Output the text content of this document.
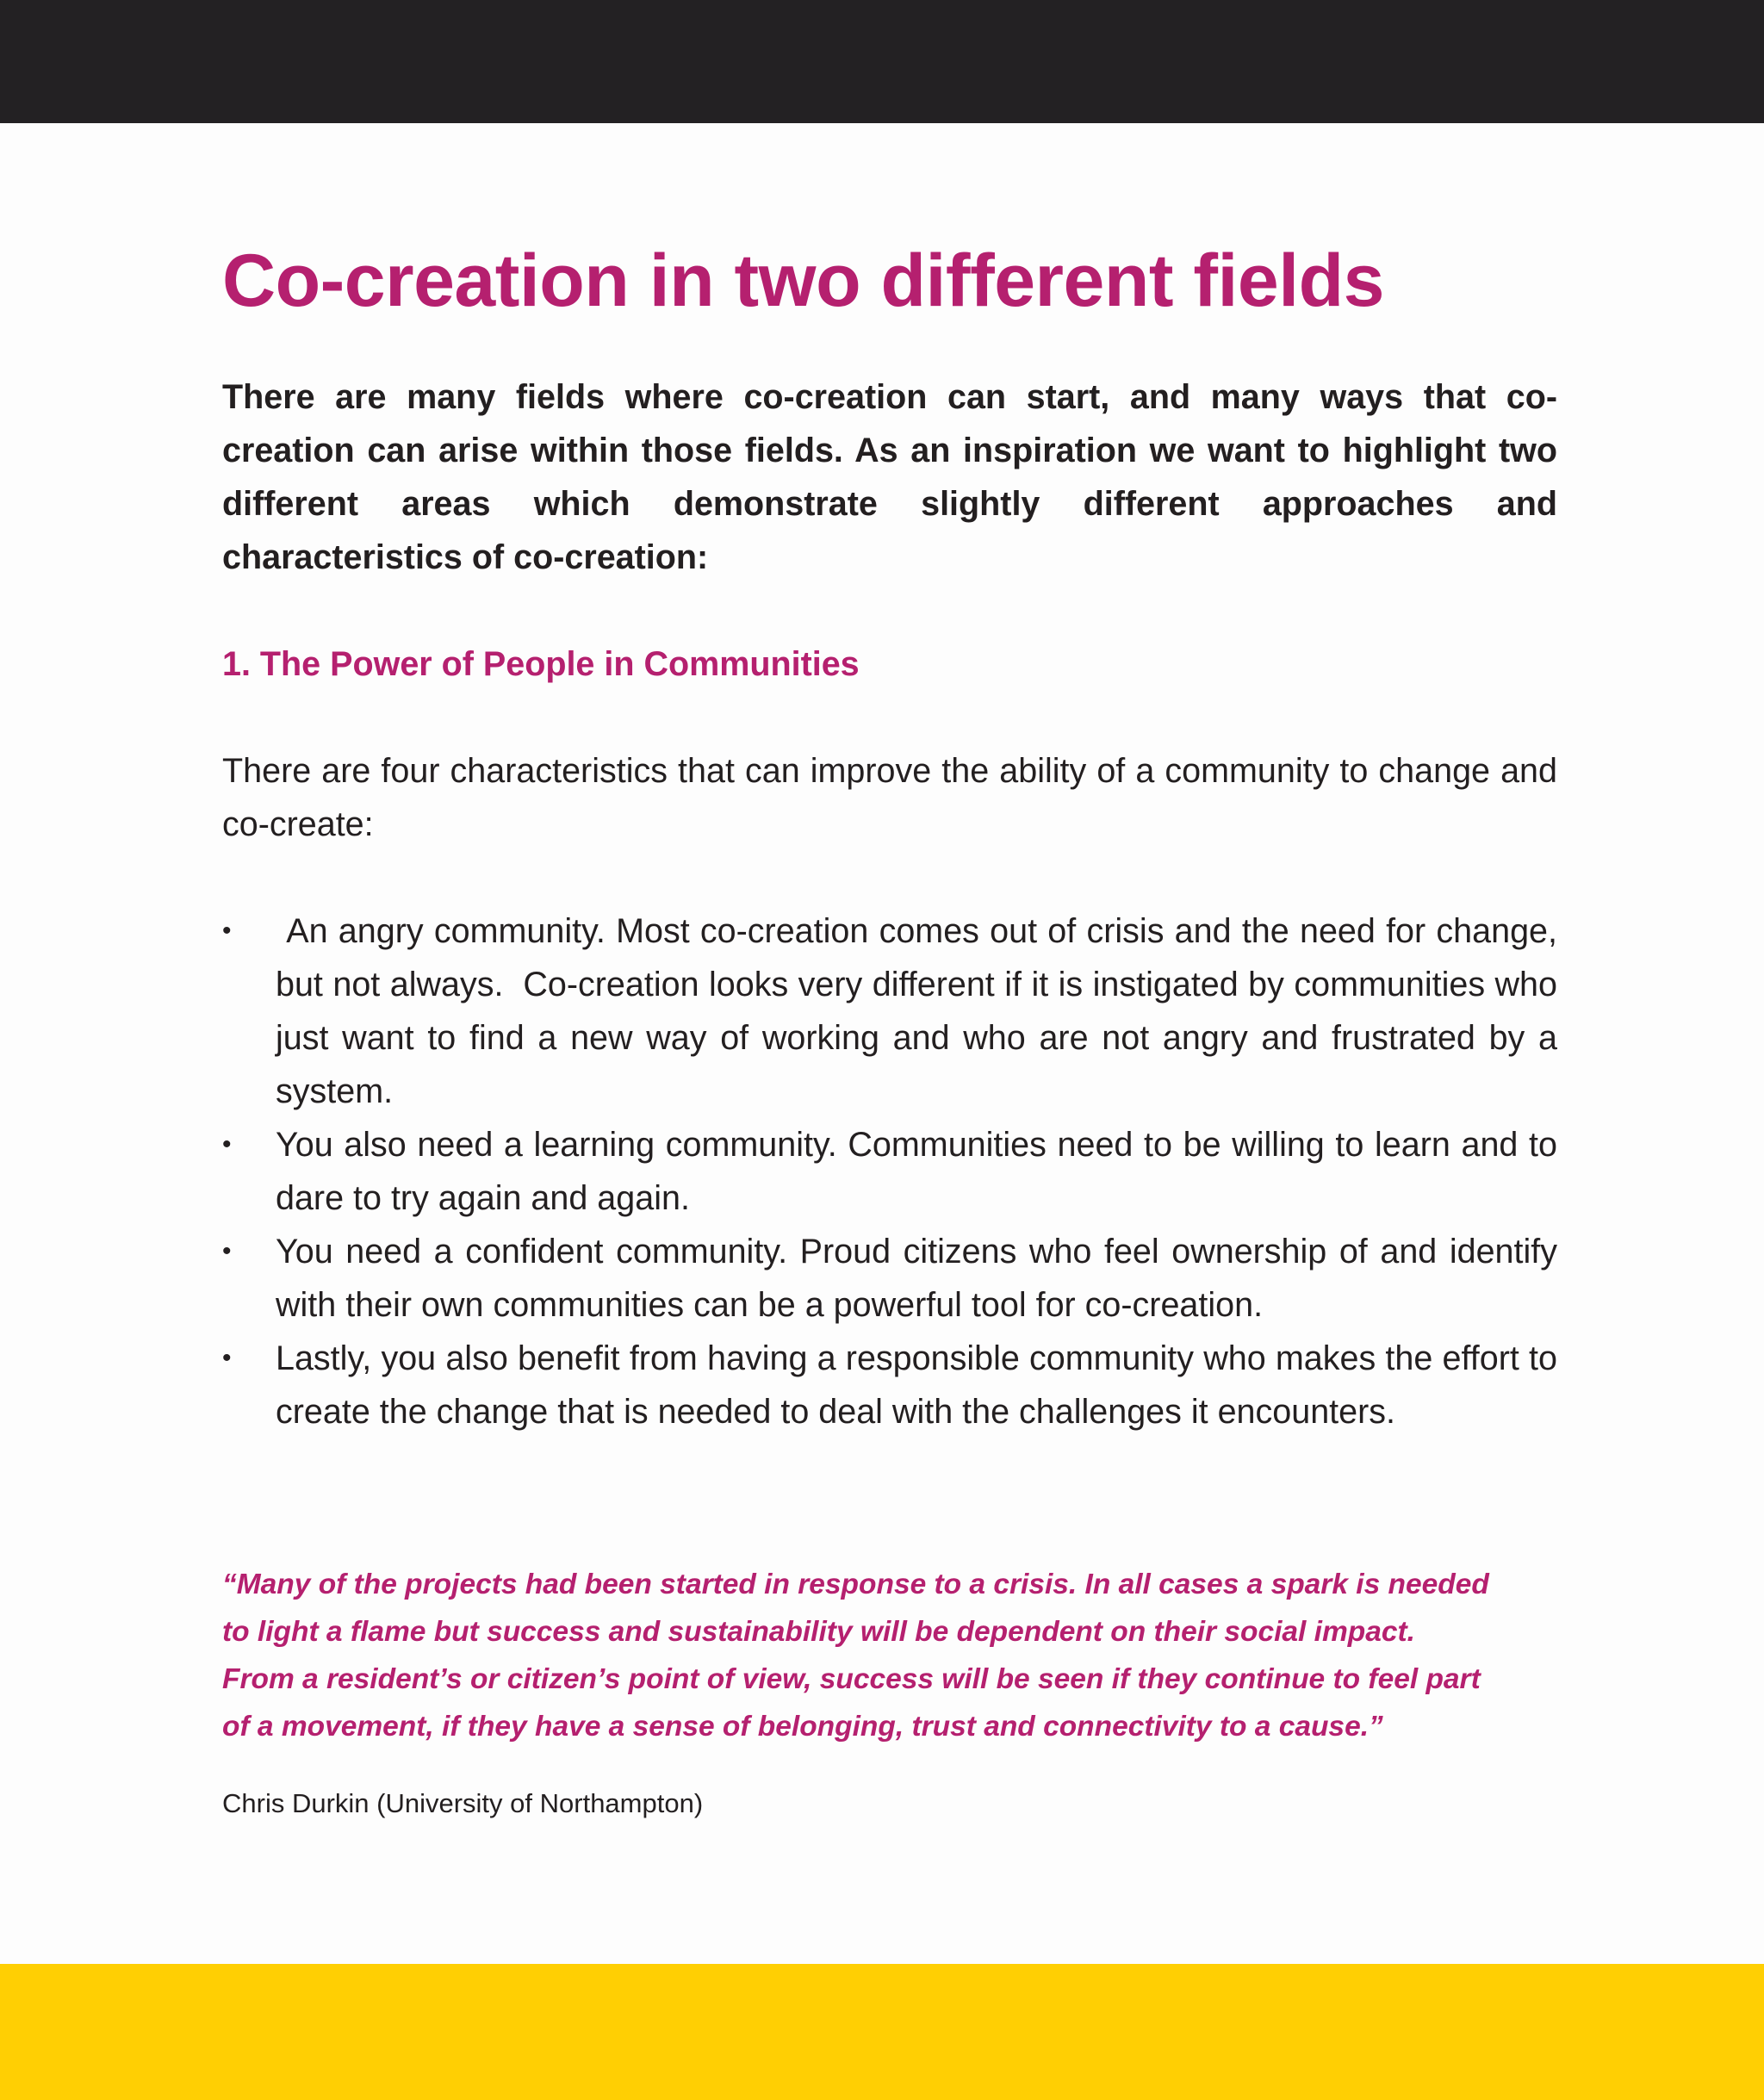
Co-creation in two different fields

There are many fields where co-creation can start, and many ways that co-creation can arise within those fields. As an inspiration we want to highlight two different areas which demonstrate slightly different approaches and characteristics of co-creation:

1. The Power of People in Communities

There are four characteristics that can improve the ability of a community to change and co-create:

• An angry community. Most co-creation comes out of crisis and the need for change, but not always.  Co-creation looks very different if it is instigated by communities who just want to find a new way of working and who are not angry and frustrated by a system.
• You also need a learning community. Communities need to be willing to learn and to dare to try again and again.
• You need a confident community. Proud citizens who feel ownership of and identify with their own communities can be a powerful tool for co-creation.
• Lastly, you also benefit from having a responsible community who makes the effort to create the change that is needed to deal with the challenges it encounters.
“Many of the projects had been started in response to a crisis. In all cases a spark is needed
to light a flame but success and sustainability will be dependent on their social impact.
From a resident’s or citizen’s point of view, success will be seen if they continue to feel part
of a movement, if they have a sense of belonging, trust and connectivity to a cause.”

Chris Durkin (University of Northampton)
